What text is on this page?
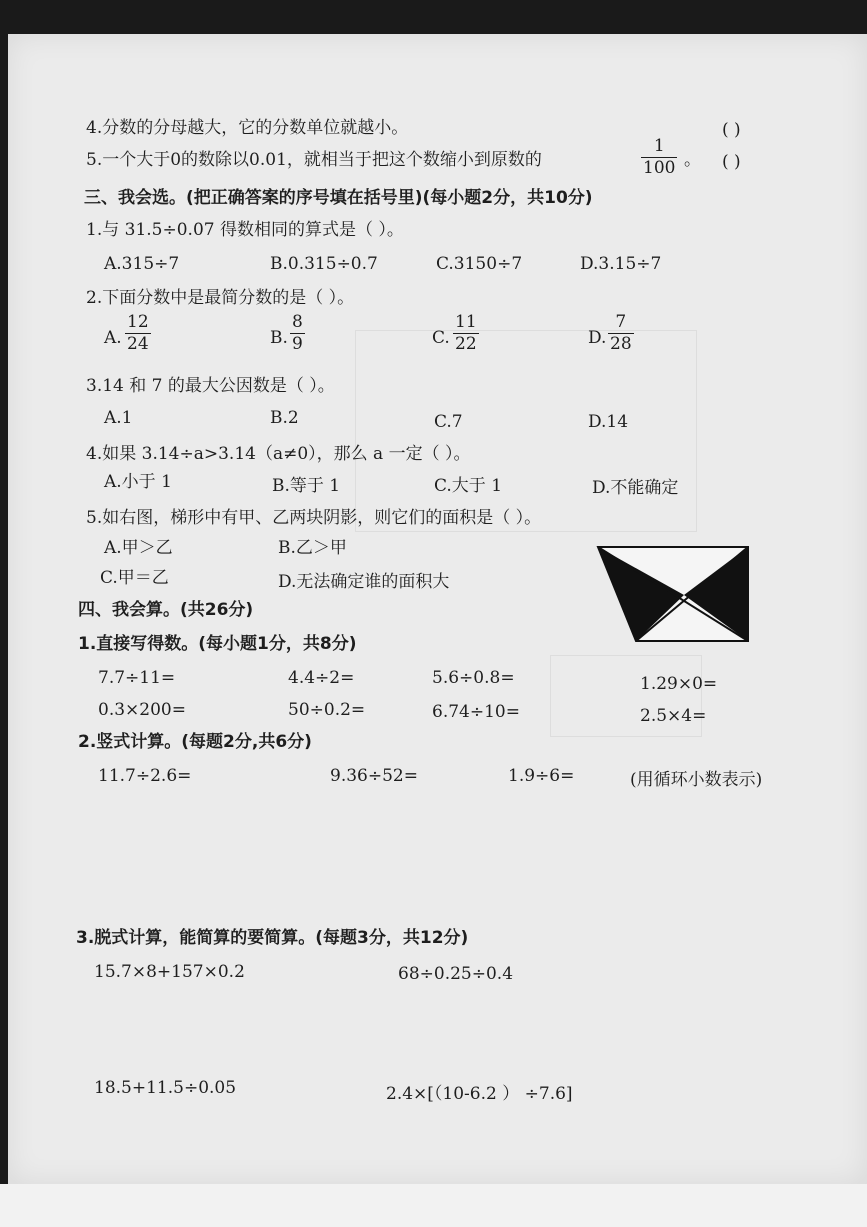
4.分数的分母越大，它的分数单位就越小。	( )
5.一个大于0的数除以0.01，就相当于把这个数缩小到原数的	$\frac{1}{100}$ 。 ( )
三、我会选。(把正确答案的序号填在括号里)(每小题2分，共10分)
1.与 31.5÷0.07 得数相同的算式是（ ）。
A.315÷7	B.0.315÷0.7	C.3150÷7	D.3.15÷7
2.下面分数中是最简分数的是（ ）。
A. $\frac{12}{24}$	B. $\frac{8}{9}$	C. $\frac{11}{22}$	D. $\frac{7}{28}$
3.14 和 7 的最大公因数是（ ）。
A.1	B.2	C.7	D.14
4.如果 3.14÷a>3.14（a≠0），那么 a 一定（ ）。
A.小于 1	B.等于 1	C.大于 1	D.不能确定
5.如右图，梯形中有甲、乙两块阴影，则它们的面积是（ ）。
A.甲＞乙	B.乙＞甲
C.甲＝乙	D.无法确定谁的面积大
四、我会算。(共26分)
1.直接写得数。(每小题1分，共8分)
7.7÷11=	4.4÷2=	5.6÷0.8=	1.29×0=
0.3×200=	50÷0.2=	6.74÷10=	2.5×4=
2.竖式计算。(每题2分,共6分)
11.7÷2.6=	9.36÷52=	1.9÷6=	(用循环小数表示)
3.脱式计算，能简算的要简算。(每题3分，共12分)
15.7×8+157×0.2	68÷0.25÷0.4
18.5+11.5÷0.05	2.4×[（10-6.2 ） ÷7.6]
